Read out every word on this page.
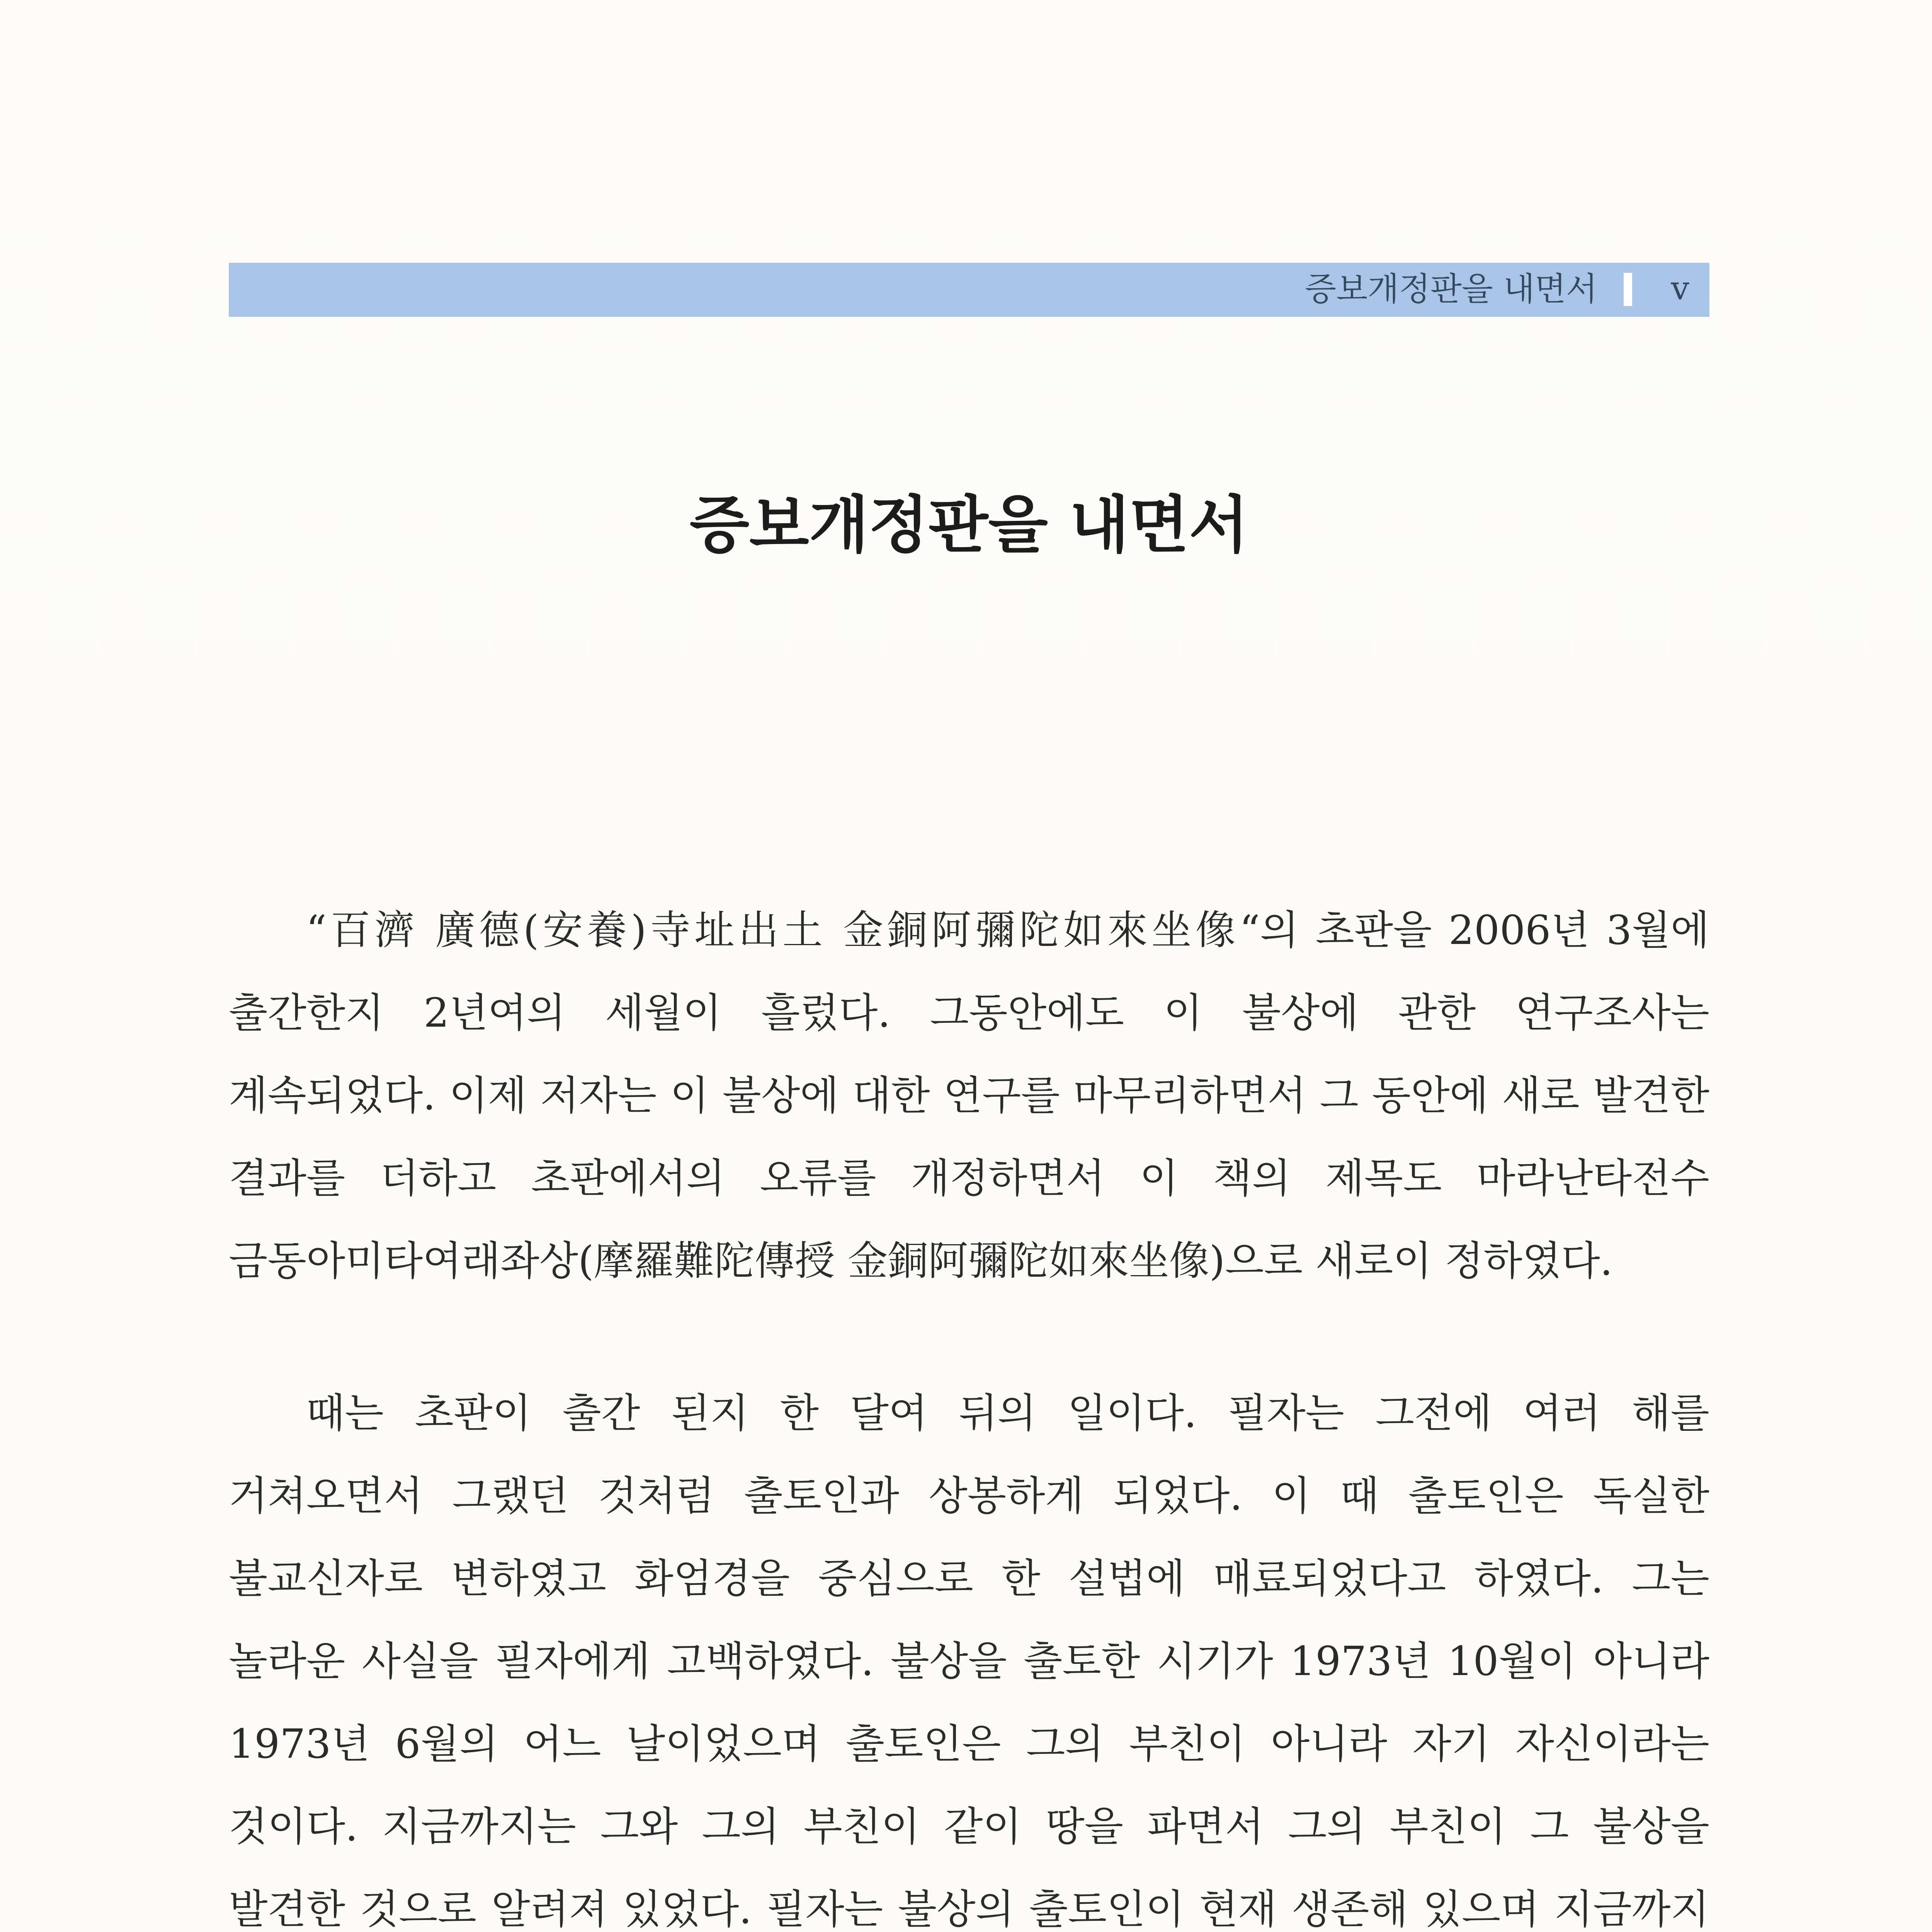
증보개정판을 내면서 v
증보개정판을 내면서

“百濟 廣德(安養)寺址出土 金銅阿彌陀如來坐像“의 초판을 2006년 3월에 출간한지 2년여의 세월이 흘렀다. 그동안에도 이 불상에 관한 연구조사는 계속되었다. 이제 저자는 이 불상에 대한 연구를 마무리하면서 그 동안에 새로 발견한 결과를 더하고 초판에서의 오류를 개정하면서 이 책의 제목도 마라난타전수 금동아미타여래좌상(摩羅難陀傳授 金銅阿彌陀如來坐像)으로 새로이 정하였다.

때는 초판이 출간 된지 한 달여 뒤의 일이다. 필자는 그전에 여러 해를 거쳐오면서 그랬던 것처럼 출토인과 상봉하게 되었다. 이 때 출토인은 독실한 불교신자로 변하였고 화엄경을 중심으로 한 설법에 매료되었다고 하였다. 그는 놀라운 사실을 필자에게 고백하였다. 불상을 출토한 시기가 1973년 10월이 아니라 1973년 6월의 어느 날이었으며 출토인은 그의 부친이 아니라 자기 자신이라는 것이다. 지금까지는 그와 그의 부친이 같이 땅을 파면서 그의 부친이 그 불상을 발견한 것으로 알려져 있었다. 필자는 불상의 출토인이 현재 생존해 있으며 지금까지
